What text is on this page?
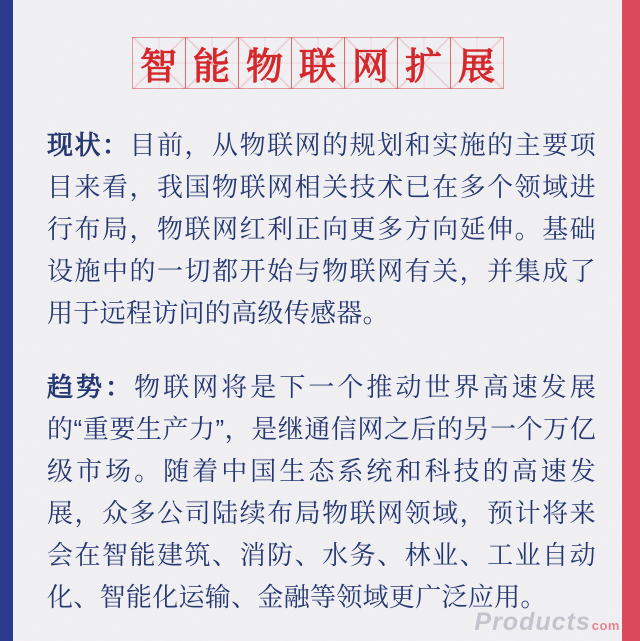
智 能 物 联 网 扩 展
现状：目前，从物联网的规划和实施的主要项目来看，我国物联网相关技术已在多个领域进行布局，物联网红利正向更多方向延伸。基础设施中的一切都开始与物联网有关，并集成了用于远程访问的高级传感器。
趋势：物联网将是下一个推动世界高速发展的“重要生产力”，是继通信网之后的另一个万亿级市场。随着中国生态系统和科技的高速发展，众多公司陆续布局物联网领域，预计将来会在智能建筑、消防、水务、林业、工业自动化、智能化运输、金融等领域更广泛应用。
Productscom
